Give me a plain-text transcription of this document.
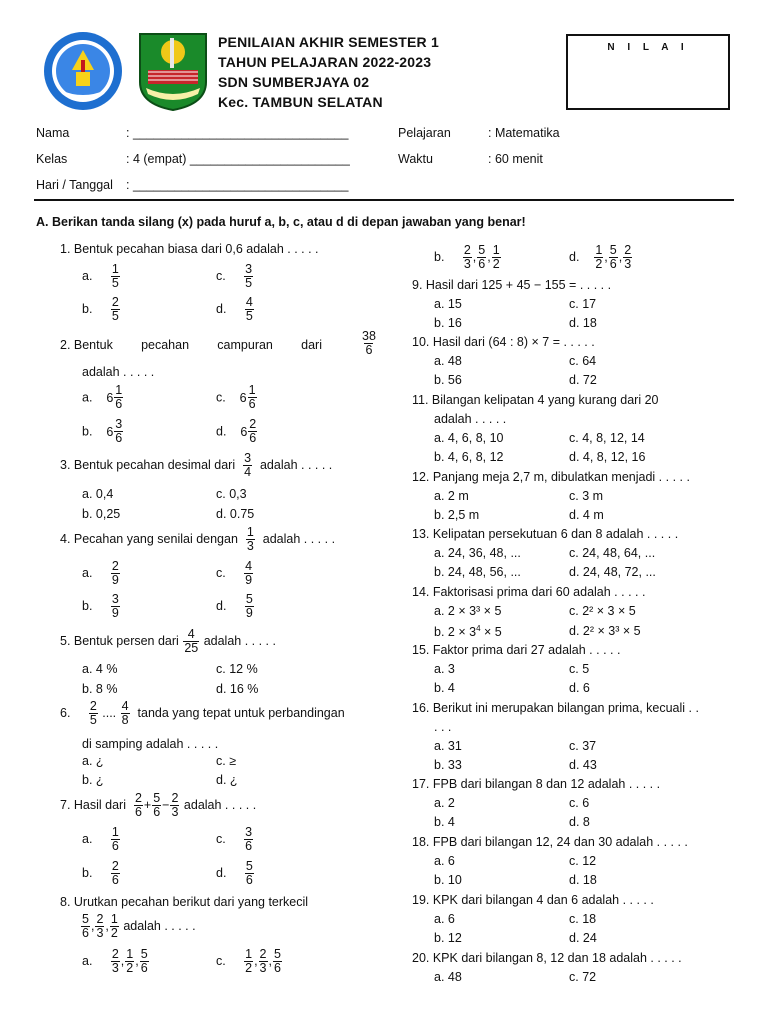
PENILAIAN AKHIR SEMESTER 1
TAHUN PELAJARAN 2022-2023
SDN SUMBERJAYA 02
Kec. TAMBUN SELATAN
N I L A I
Nama	: _______________________________
Kelas	: 4 (empat) _______________________
Hari / Tanggal : _______________________________
Pelajaran	: Matematika
Waktu	: 60 menit
A. Berikan tanda silang (x) pada huruf a, b, c, atau d di depan jawaban yang benar!
1. Bentuk pecahan biasa dari 0,6 adalah . . . . .
a. $\frac{1}{5}$	c. $\frac{3}{5}$
b. $\frac{2}{5}$	d. $\frac{4}{5}$
2. Bentuk pecahan campuran dari	$\frac{38}{6}$
adalah . . . . .
a. $6 \frac{1}{6}$	c. $6 \frac{1}{6}$
b. $6 \frac{3}{6}$	d. $6 \frac{2}{6}$
3. Bentuk pecahan desimal dari $\frac{3}{4}$ adalah . . . . .
a. 0,4	c. 0,3
b. 0,25	d. 0.75
4. Pecahan yang senilai dengan $\frac{1}{3}$ adalah . . . . .
a. $\frac{2}{9}$	c. $\frac{4}{9}$
b. $\frac{3}{9}$	d. $\frac{5}{9}$
5. Bentuk persen dari $\frac{4}{25}$ adalah . . . . .
a. 4 %	c. 12 %
b. 8 %	d. 16 %
6. $\frac{2}{5}$ .... $\frac{4}{8}$ tanda yang tepat untuk perbandingan
di samping adalah . . . . .
a. ¿	c. ≥
b. ¿	d. ¿
7. Hasil dari $\frac{2}{6} + \frac{5}{6} - \frac{2}{3}$ adalah . . . . .
a. $\frac{1}{6}$	c. $\frac{3}{6}$
b. $\frac{2}{6}$	d. $\frac{5}{6}$
8. Urutkan pecahan berikut dari yang terkecil
$\frac{5}{6}$ , $\frac{2}{3}$ , $\frac{1}{2}$ adalah . . . . .
a. $\frac{2}{3}$ , $\frac{1}{2}$ , $\frac{5}{6}$	c. $\frac{1}{2}$ , $\frac{2}{3}$ , $\frac{5}{6}$
b. $\frac{2}{3}$ , $\frac{5}{6}$ , $\frac{1}{2}$	d. $\frac{1}{2}$ , $\frac{5}{6}$ , $\frac{2}{3}$
9. Hasil dari 125 + 45 − 155 = . . . . .
a. 15	c. 17
b. 16	d. 18
10. Hasil dari (64 : 8) × 7 = . . . . .
a. 48	c. 64
b. 56	d. 72
11. Bilangan kelipatan 4 yang kurang dari 20
adalah . . . . .
a. 4, 6, 8, 10	c. 4, 8, 12, 14
b. 4, 6, 8, 12	d. 4, 8, 12, 16
12. Panjang meja 2,7 m, dibulatkan menjadi . . . . .
a. 2 m	c. 3 m
b. 2,5 m	d. 4 m
13. Kelipatan persekutuan 6 dan 8 adalah . . . . .
a. 24, 36, 48, ...	c. 24, 48, 64, ...
b. 24, 48, 56, ...	d. 24, 48, 72, ...
14. Faktorisasi prima dari 60 adalah . . . . .
a. 2 × 3³ × 5	c. 2² × 3 × 5
b. $2 \times 3^4 \times 5$	d. 2² × 3³ × 5
15. Faktor prima dari 27 adalah . . . . .
a. 3	c. 5
b. 4	d. 6
16. Berikut ini merupakan bilangan prima, kecuali . .
. . .
a. 31	c. 37
b. 33	d. 43
17. FPB dari bilangan 8 dan 12 adalah . . . . .
a. 2	c. 6
b. 4	d. 8
18. FPB dari bilangan 12, 24 dan 30 adalah . . . . .
a. 6	c. 12
b. 10	d. 18
19. KPK dari bilangan 4 dan 6 adalah . . . . .
a. 6	c. 18
b. 12	d. 24
20. KPK dari bilangan 8, 12 dan 18 adalah . . . . .
a. 48	c. 72
